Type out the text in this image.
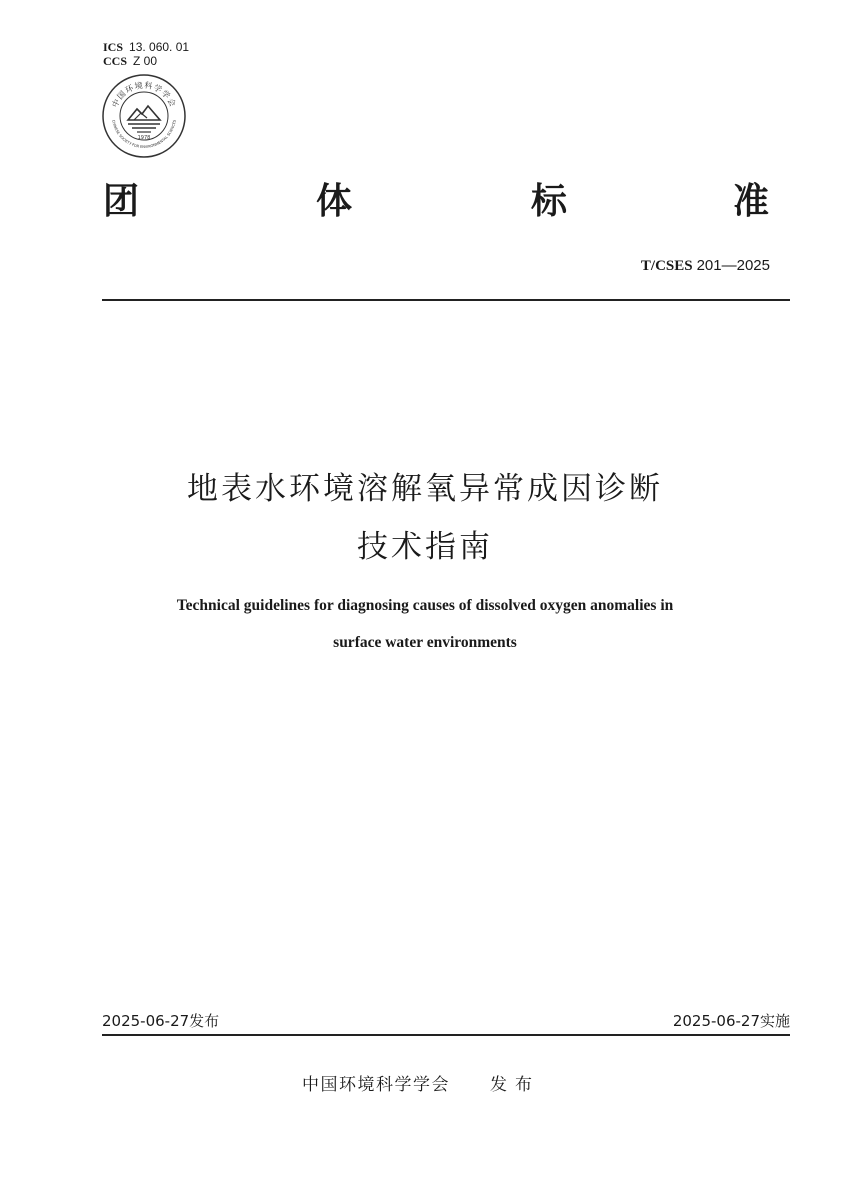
ICS 13. 060. 01
CCS Z 00
中国环境科学学会
CHINESE SOCIETY FOR ENVIRONMENTAL SCIENCES
1978
团	体	标	准
T/CSES 201—2025
地表水环境溶解氧异常成因诊断
技术指南
Technical guidelines for diagnosing causes of dissolved oxygen anomalies in
surface water environments
2025-06-27发布	2025-06-27实施
中国环境科学学会 发布
